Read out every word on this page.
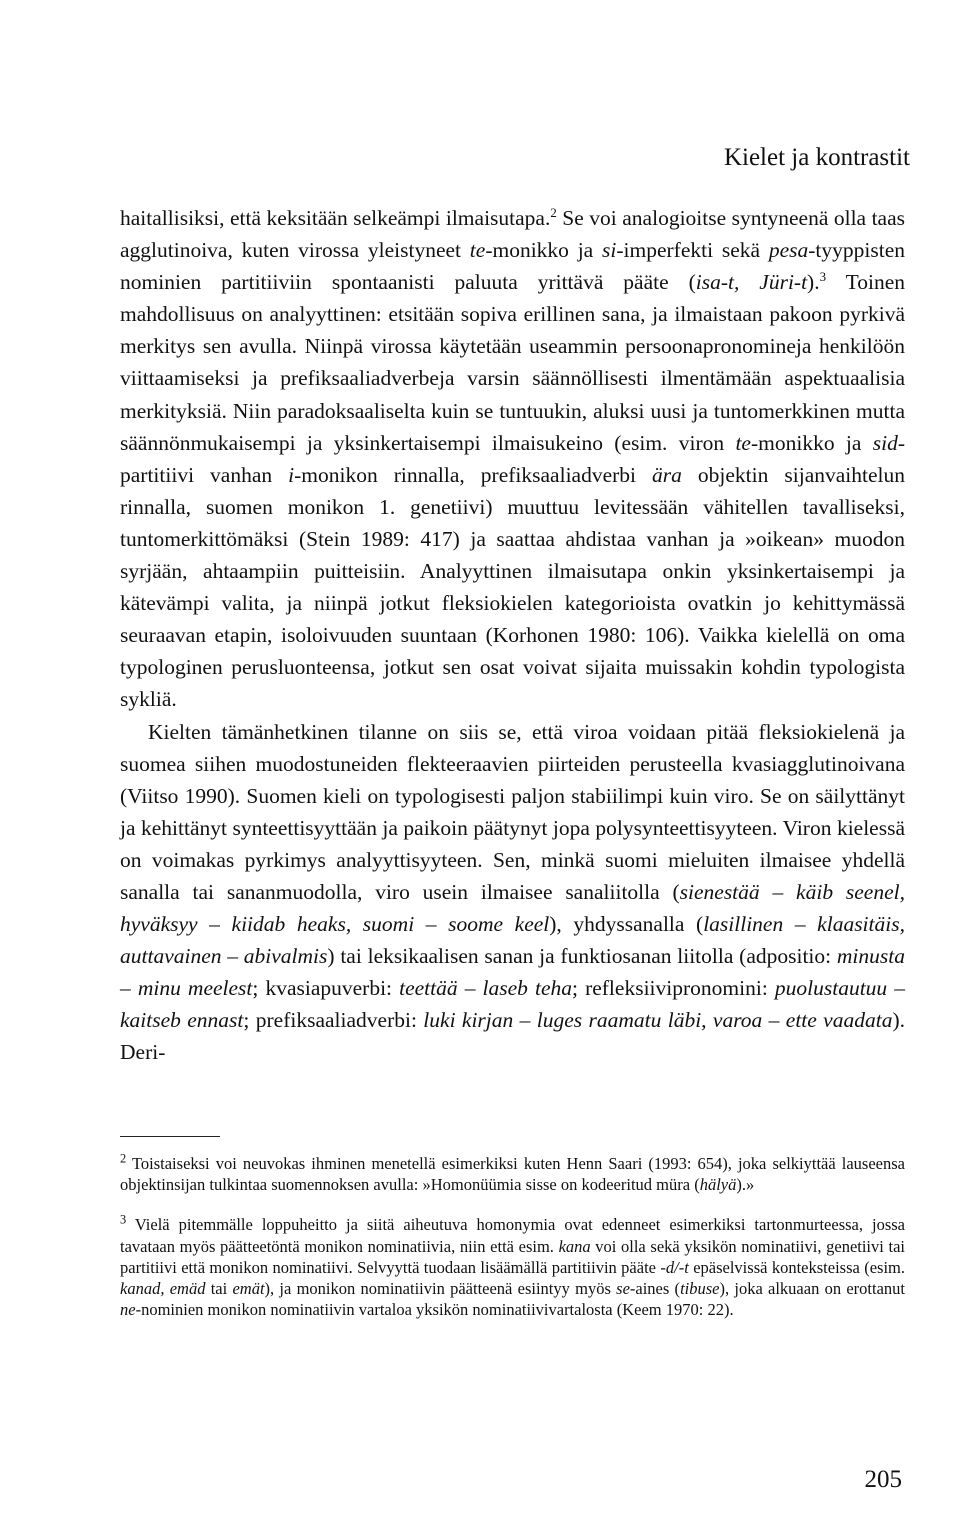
Kielet ja kontrastit

haitallisiksi, että keksitään selkeämpi ilmaisutapa.$^2$ Se voi analogioitse syntyneenä olla taas agglutinoiva, kuten virossa yleistyneet te-monikko ja si-imperfekti sekä pesa-tyyppisten nominien partitiiviin spontaanisti paluuta yrittävä pääte (isa-t, Jüri-t).$^3$ Toinen mahdollisuus on analyyttinen: etsitään sopiva erillinen sana, ja ilmaistaan pakoon pyrkivä merkitys sen avulla. Niinpä virossa käytetään useammin persoonapronomineja henkilöön viittaamiseksi ja prefiksaaliadverbeja varsin säännöllisesti ilmentämään aspektuaalisia merkityksiä. Niin paradoksaaliselta kuin se tuntuukin, aluksi uusi ja tuntomerkkinen mutta säännönmukaisempi ja yksinkertaisempi ilmaisukeino (esim. viron te-monikko ja sid-partitiivi vanhan i-monikon rinnalla, prefiksaaliadverbi ära objektin sijanvaihtelun rinnalla, suomen monikon 1. genetiivi) muuttuu levitessään vähitellen tavalliseksi, tuntomerkittömäksi (Stein 1989: 417) ja saattaa ahdistaa vanhan ja »oikean» muodon syrjään, ahtaampiin puitteisiin. Analyyttinen ilmaisutapa onkin yksinkertaisempi ja kätevämpi valita, ja niinpä jotkut fleksiokielen kategorioista ovatkin jo kehittymässä seuraavan etapin, isoloivuuden suuntaan (Korhonen 1980: 106). Vaikka kielellä on oma typologinen perusluonteensa, jotkut sen osat voivat sijaita muissakin kohdin typologista sykliä.

Kielten tämänhetkinen tilanne on siis se, että viroa voidaan pitää fleksiokielenä ja suomea siihen muodostuneiden flekteeraavien piirteiden perusteella kvasiagglutinoivana (Viitso 1990). Suomen kieli on typologisesti paljon stabiilimpi kuin viro. Se on säilyttänyt ja kehittänyt synteettisyyttään ja paikoin päätynyt jopa polysynteettisyyteen. Viron kielessä on voimakas pyrkimys analyyttisyyteen. Sen, minkä suomi mieluiten ilmaisee yhdellä sanalla tai sananmuodolla, viro usein ilmaisee sanaliitolla (sienestää – käib seenel, hyväksyy – kiidab heaks, suomi – soome keel), yhdyssanalla (lasillinen – klaasitäis, auttavainen – abivalmis) tai leksikaalisen sanan ja funktiosanan liitolla (adpositio: minusta – minu meelest; kvasiapuverbi: teettää – laseb teha; refleksiivipronomini: puolustautuu – kaitseb ennast; prefiksaaliadverbi: luki kirjan – luges raamatu läbi, varoa – ette vaadata). Deri-

$^2$ Toistaiseksi voi neuvokas ihminen menetellä esimerkiksi kuten Henn Saari (1993: 654), joka selkiyttää lauseensa objektinsijan tulkintaa suomennoksen avulla: »Homonüümia sisse on kodeeritud müra (hälyä).»

$^3$ Vielä pitemmälle loppuheitto ja siitä aiheutuva homonymia ovat edenneet esimerkiksi tartonmurteessa, jossa tavataan myös päätteetöntä monikon nominatiivia, niin että esim. kana voi olla sekä yksikön nominatiivi, genetiivi tai partitiivi että monikon nominatiivi. Selvyyttä tuodaan lisäämällä partitiivin pääte -d/-t epäselvissä konteksteissa (esim. kanad, emäd tai emät), ja monikon nominatiivin päätteenä esiintyy myös se-aines (tibuse), joka alkuaan on erottanut ne-nominien monikon nominatiivin vartaloa yksikön nominatiivivartalosta (Keem 1970: 22).

205
